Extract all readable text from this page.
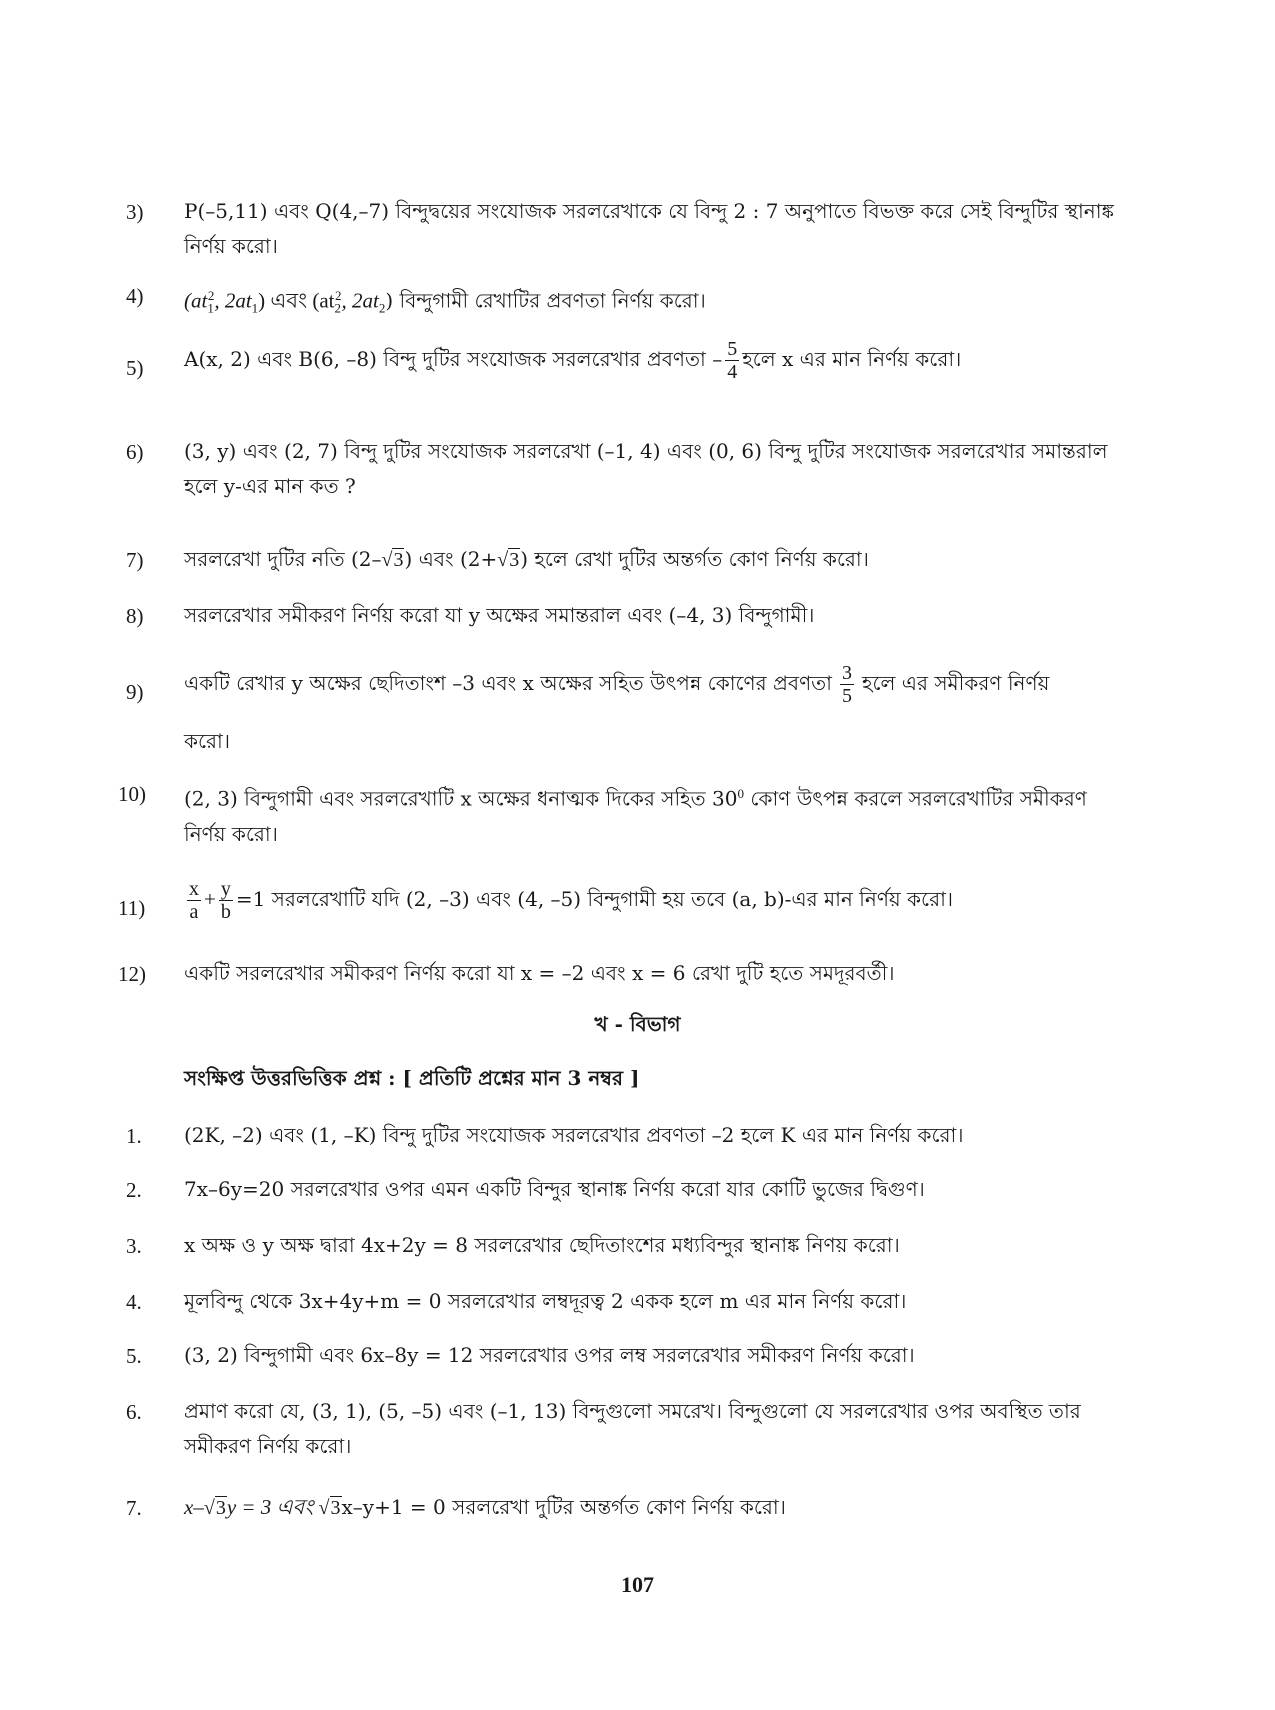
3) P(–5,11) এবং Q(4,–7) বিন্দুদ্বয়ের সংযোজক সরলরেখাকে যে বিন্দু 2 : 7 অনুপাতে বিভক্ত করে সেই বিন্দুটির স্থানাঙ্ক নির্ণয় করো।
4) ($at_1^2$, $2at_1$) এবং ($at_2^2$, $2at_2$) বিন্দুগামী রেখাটির প্রবণতা নির্ণয় করো।
5) A(x, 2) এবং B(6, –8) বিন্দু দুটির সংযোজক সরলরেখার প্রবণতা – $\frac{5}{4}$ হলে x এর মান নির্ণয় করো।
6) (3, y) এবং (2, 7) বিন্দু দুটির সংযোজক সরলরেখা (–1, 4) এবং (0, 6) বিন্দু দুটির সংযোজক সরলরেখার সমান্তরাল হলে y-এর মান কত ?
7) সরলরেখা দুটির নতি (2–√3) এবং (2+√3) হলে রেখা দুটির অন্তর্গত কোণ নির্ণয় করো।
8) সরলরেখার সমীকরণ নির্ণয় করো যা y অক্ষের সমান্তরাল এবং (–4, 3) বিন্দুগামী।
9) একটি রেখার y অক্ষের ছেদিতাংশ –3 এবং x অক্ষের সহিত উৎপন্ন কোণের প্রবণতা $\frac{3}{5}$ হলে এর সমীকরণ নির্ণয়
করো।
10) (2, 3) বিন্দুগামী এবং সরলরেখাটি x অক্ষের ধনাত্মক দিকের সহিত $30^0$ কোণ উৎপন্ন করলে সরলরেখাটির সমীকরণ নির্ণয় করো।
$11) \frac{x}{a} + \frac{y}{b} =1$ সরলরেখাটি যদি (2, –3) এবং (4, –5) বিন্দুগামী হয় তবে (a, b)-এর মান নির্ণয় করো।
12) একটি সরলরেখার সমীকরণ নির্ণয় করো যা x = –2 এবং x = 6 রেখা দুটি হতে সমদূরবর্তী।
খ - বিভাগ
সংক্ষিপ্ত উত্তরভিত্তিক প্রশ্ন : [ প্রতিটি প্রশ্নের মান 3 নম্বর ]
1. (2K, –2) এবং (1, –K) বিন্দু দুটির সংযোজক সরলরেখার প্রবণতা –2 হলে K এর মান নির্ণয় করো।
2. 7x–6y=20 সরলরেখার ওপর এমন একটি বিন্দুর স্থানাঙ্ক নির্ণয় করো যার কোটি ভুজের দ্বিগুণ।
3. x অক্ষ ও y অক্ষ দ্বারা 4x+2y = 8 সরলরেখার ছেদিতাংশের মধ্যবিন্দুর স্থানাঙ্ক নিণয় করো।
4. মূলবিন্দু থেকে 3x+4y+m = 0 সরলরেখার লম্বদূরত্ব 2 একক হলে m এর মান নির্ণয় করো।
5. (3, 2) বিন্দুগামী এবং 6x–8y = 12 সরলরেখার ওপর লম্ব সরলরেখার সমীকরণ নির্ণয় করো।
6. প্রমাণ করো যে, (3, 1), (5, –5) এবং (–1, 13) বিন্দুগুলো সমরেখ। বিন্দুগুলো যে সরলরেখার ওপর অবস্থিত তার সমীকরণ নির্ণয় করো।
7. x–√3y = 3 এবং √3x–y+1 = 0 সরলরেখা দুটির অন্তর্গত কোণ নির্ণয় করো।
107
